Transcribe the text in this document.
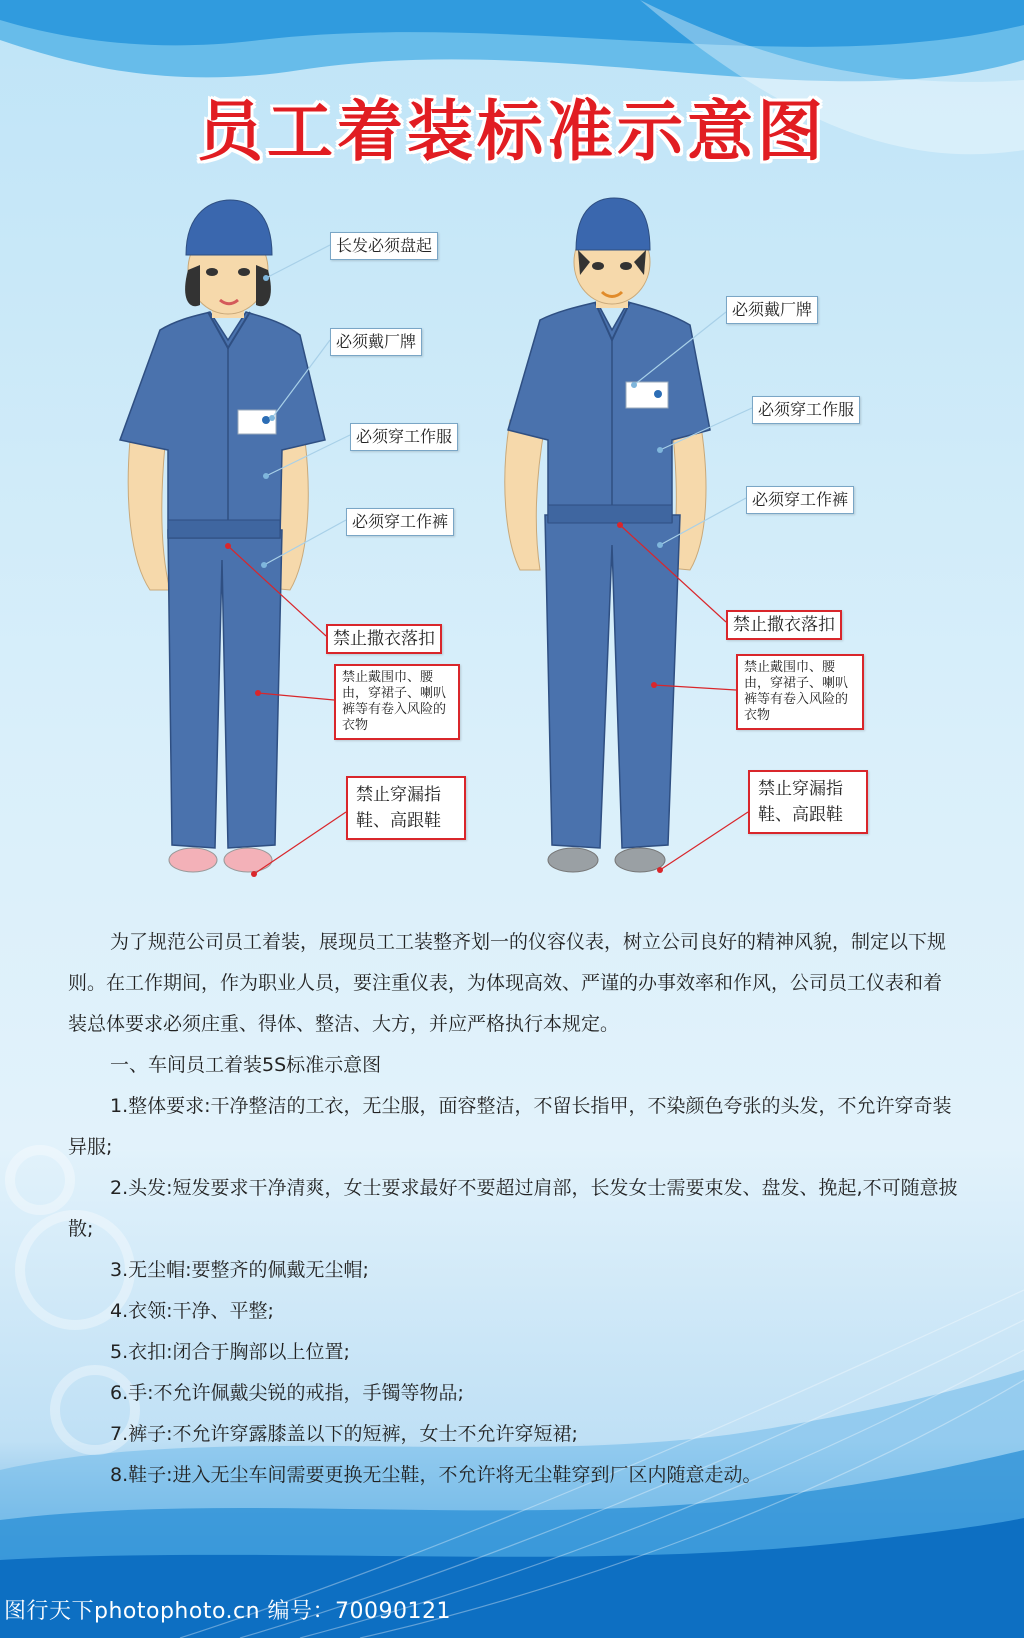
员工着装标准示意图
长发必须盘起
必须戴厂牌
必须穿工作服
必须穿工作裤
禁止撒衣落扣
禁止戴围巾、腰由，穿裙子、喇叭裤等有卷入风险的衣物
禁止穿漏指鞋、高跟鞋
必须戴厂牌
必须穿工作服
必须穿工作裤
禁止撒衣落扣
禁止戴围巾、腰由，穿裙子、喇叭裤等有卷入风险的衣物
禁止穿漏指鞋、高跟鞋

为了规范公司员工着装，展现员工工装整齐划一的仪容仪表，树立公司良好的精神风貌，制定以下规则。在工作期间，作为职业人员，要注重仪表，为体现高效、严谨的办事效率和作风，公司员工仪表和着装总体要求必须庄重、得体、整洁、大方，并应严格执行本规定。

一、车间员工着装5S标准示意图

1.整体要求:干净整洁的工衣，无尘服，面容整洁，不留长指甲，不染颜色夸张的头发，不允许穿奇装异服;

2.头发:短发要求干净清爽，女士要求最好不要超过肩部，长发女士需要束发、盘发、挽起,不可随意披散;

3.无尘帽:要整齐的佩戴无尘帽;

4.衣领:干净、平整;

5.衣扣:闭合于胸部以上位置;

6.手:不允许佩戴尖锐的戒指，手镯等物品;

7.裤子:不允许穿露膝盖以下的短裤，女士不允许穿短裙;

8.鞋子:进入无尘车间需要更换无尘鞋，不允许将无尘鞋穿到厂区内随意走动。

图行天下photophoto.cn 编号：70090121
